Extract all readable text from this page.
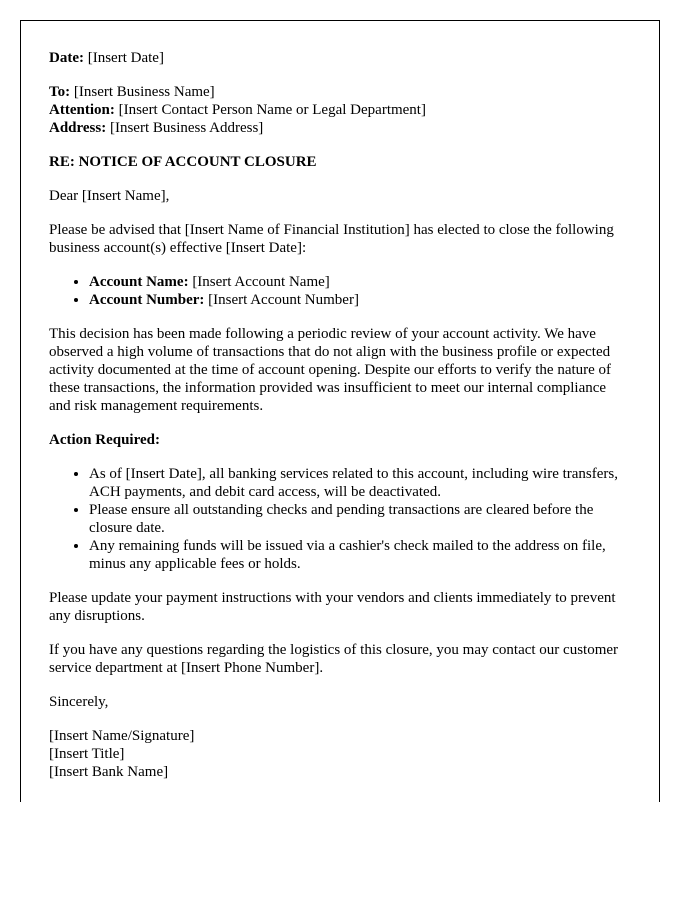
Date: [Insert Date]

To: [Insert Business Name]

Attention: [Insert Contact Person Name or Legal Department]

Address: [Insert Business Address]

RE: NOTICE OF ACCOUNT CLOSURE

Dear [Insert Name],

Please be advised that [Insert Name of Financial Institution] has elected to close the following business account(s) effective [Insert Date]:

• Account Name: [Insert Account Name]
• Account Number: [Insert Account Number]

This decision has been made following a periodic review of your account activity. We have observed a high volume of transactions that do not align with the business profile or expected activity documented at the time of account opening. Despite our efforts to verify the nature of these transactions, the information provided was insufficient to meet our internal compliance and risk management requirements.

Action Required:

• As of [Insert Date], all banking services related to this account, including wire transfers, ACH payments, and debit card access, will be deactivated.
• Please ensure all outstanding checks and pending transactions are cleared before the closure date.
• Any remaining funds will be issued via a cashier's check mailed to the address on file, minus any applicable fees or holds.

Please update your payment instructions with your vendors and clients immediately to prevent any disruptions.

If you have any questions regarding the logistics of this closure, you may contact our customer service department at [Insert Phone Number].

Sincerely,

[Insert Name/Signature]

[Insert Title]

[Insert Bank Name]
